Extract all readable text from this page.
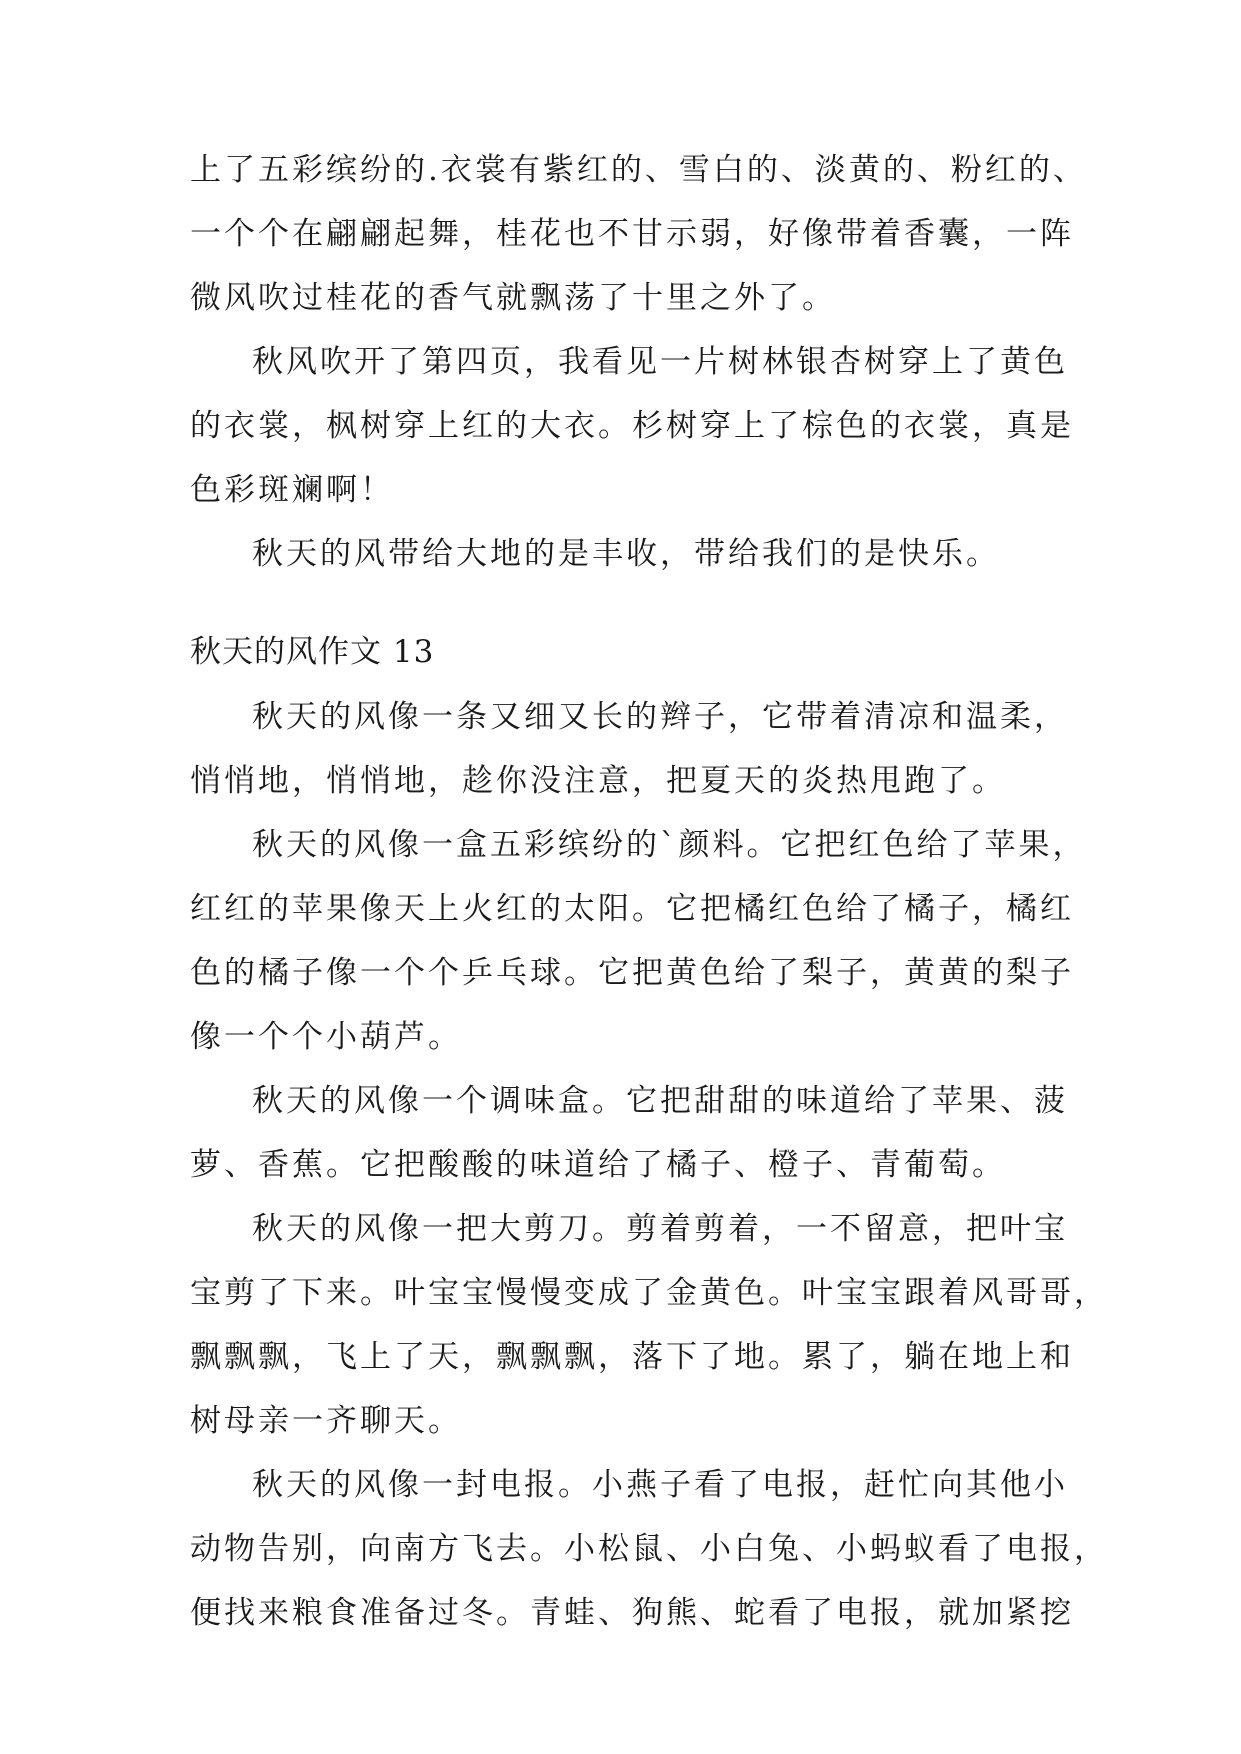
上了五彩缤纷的.衣裳有紫红的、雪白的、淡黄的、粉红的、
一个个在翩翩起舞，桂花也不甘示弱，好像带着香囊，一阵
微风吹过桂花的香气就飘荡了十里之外了。
秋风吹开了第四页，我看见一片树林银杏树穿上了黄色
的衣裳，枫树穿上红的大衣。杉树穿上了棕色的衣裳，真是
色彩斑斓啊！
秋天的风带给大地的是丰收，带给我们的是快乐。
秋天的风作文 13
秋天的风像一条又细又长的辫子，它带着清凉和温柔，
悄悄地，悄悄地，趁你没注意，把夏天的炎热甩跑了。
秋天的风像一盒五彩缤纷的`颜料。它把红色给了苹果，
红红的苹果像天上火红的太阳。它把橘红色给了橘子，橘红
色的橘子像一个个乒乓球。它把黄色给了梨子，黄黄的梨子
像一个个小葫芦。
秋天的风像一个调味盒。它把甜甜的味道给了苹果、菠
萝、香蕉。它把酸酸的味道给了橘子、橙子、青葡萄。
秋天的风像一把大剪刀。剪着剪着，一不留意，把叶宝
宝剪了下来。叶宝宝慢慢变成了金黄色。叶宝宝跟着风哥哥，
飘飘飘，飞上了天，飘飘飘，落下了地。累了，躺在地上和
树母亲一齐聊天。
秋天的风像一封电报。小燕子看了电报，赶忙向其他小
动物告别，向南方飞去。小松鼠、小白兔、小蚂蚁看了电报，
便找来粮食准备过冬。青蛙、狗熊、蛇看了电报，就加紧挖
